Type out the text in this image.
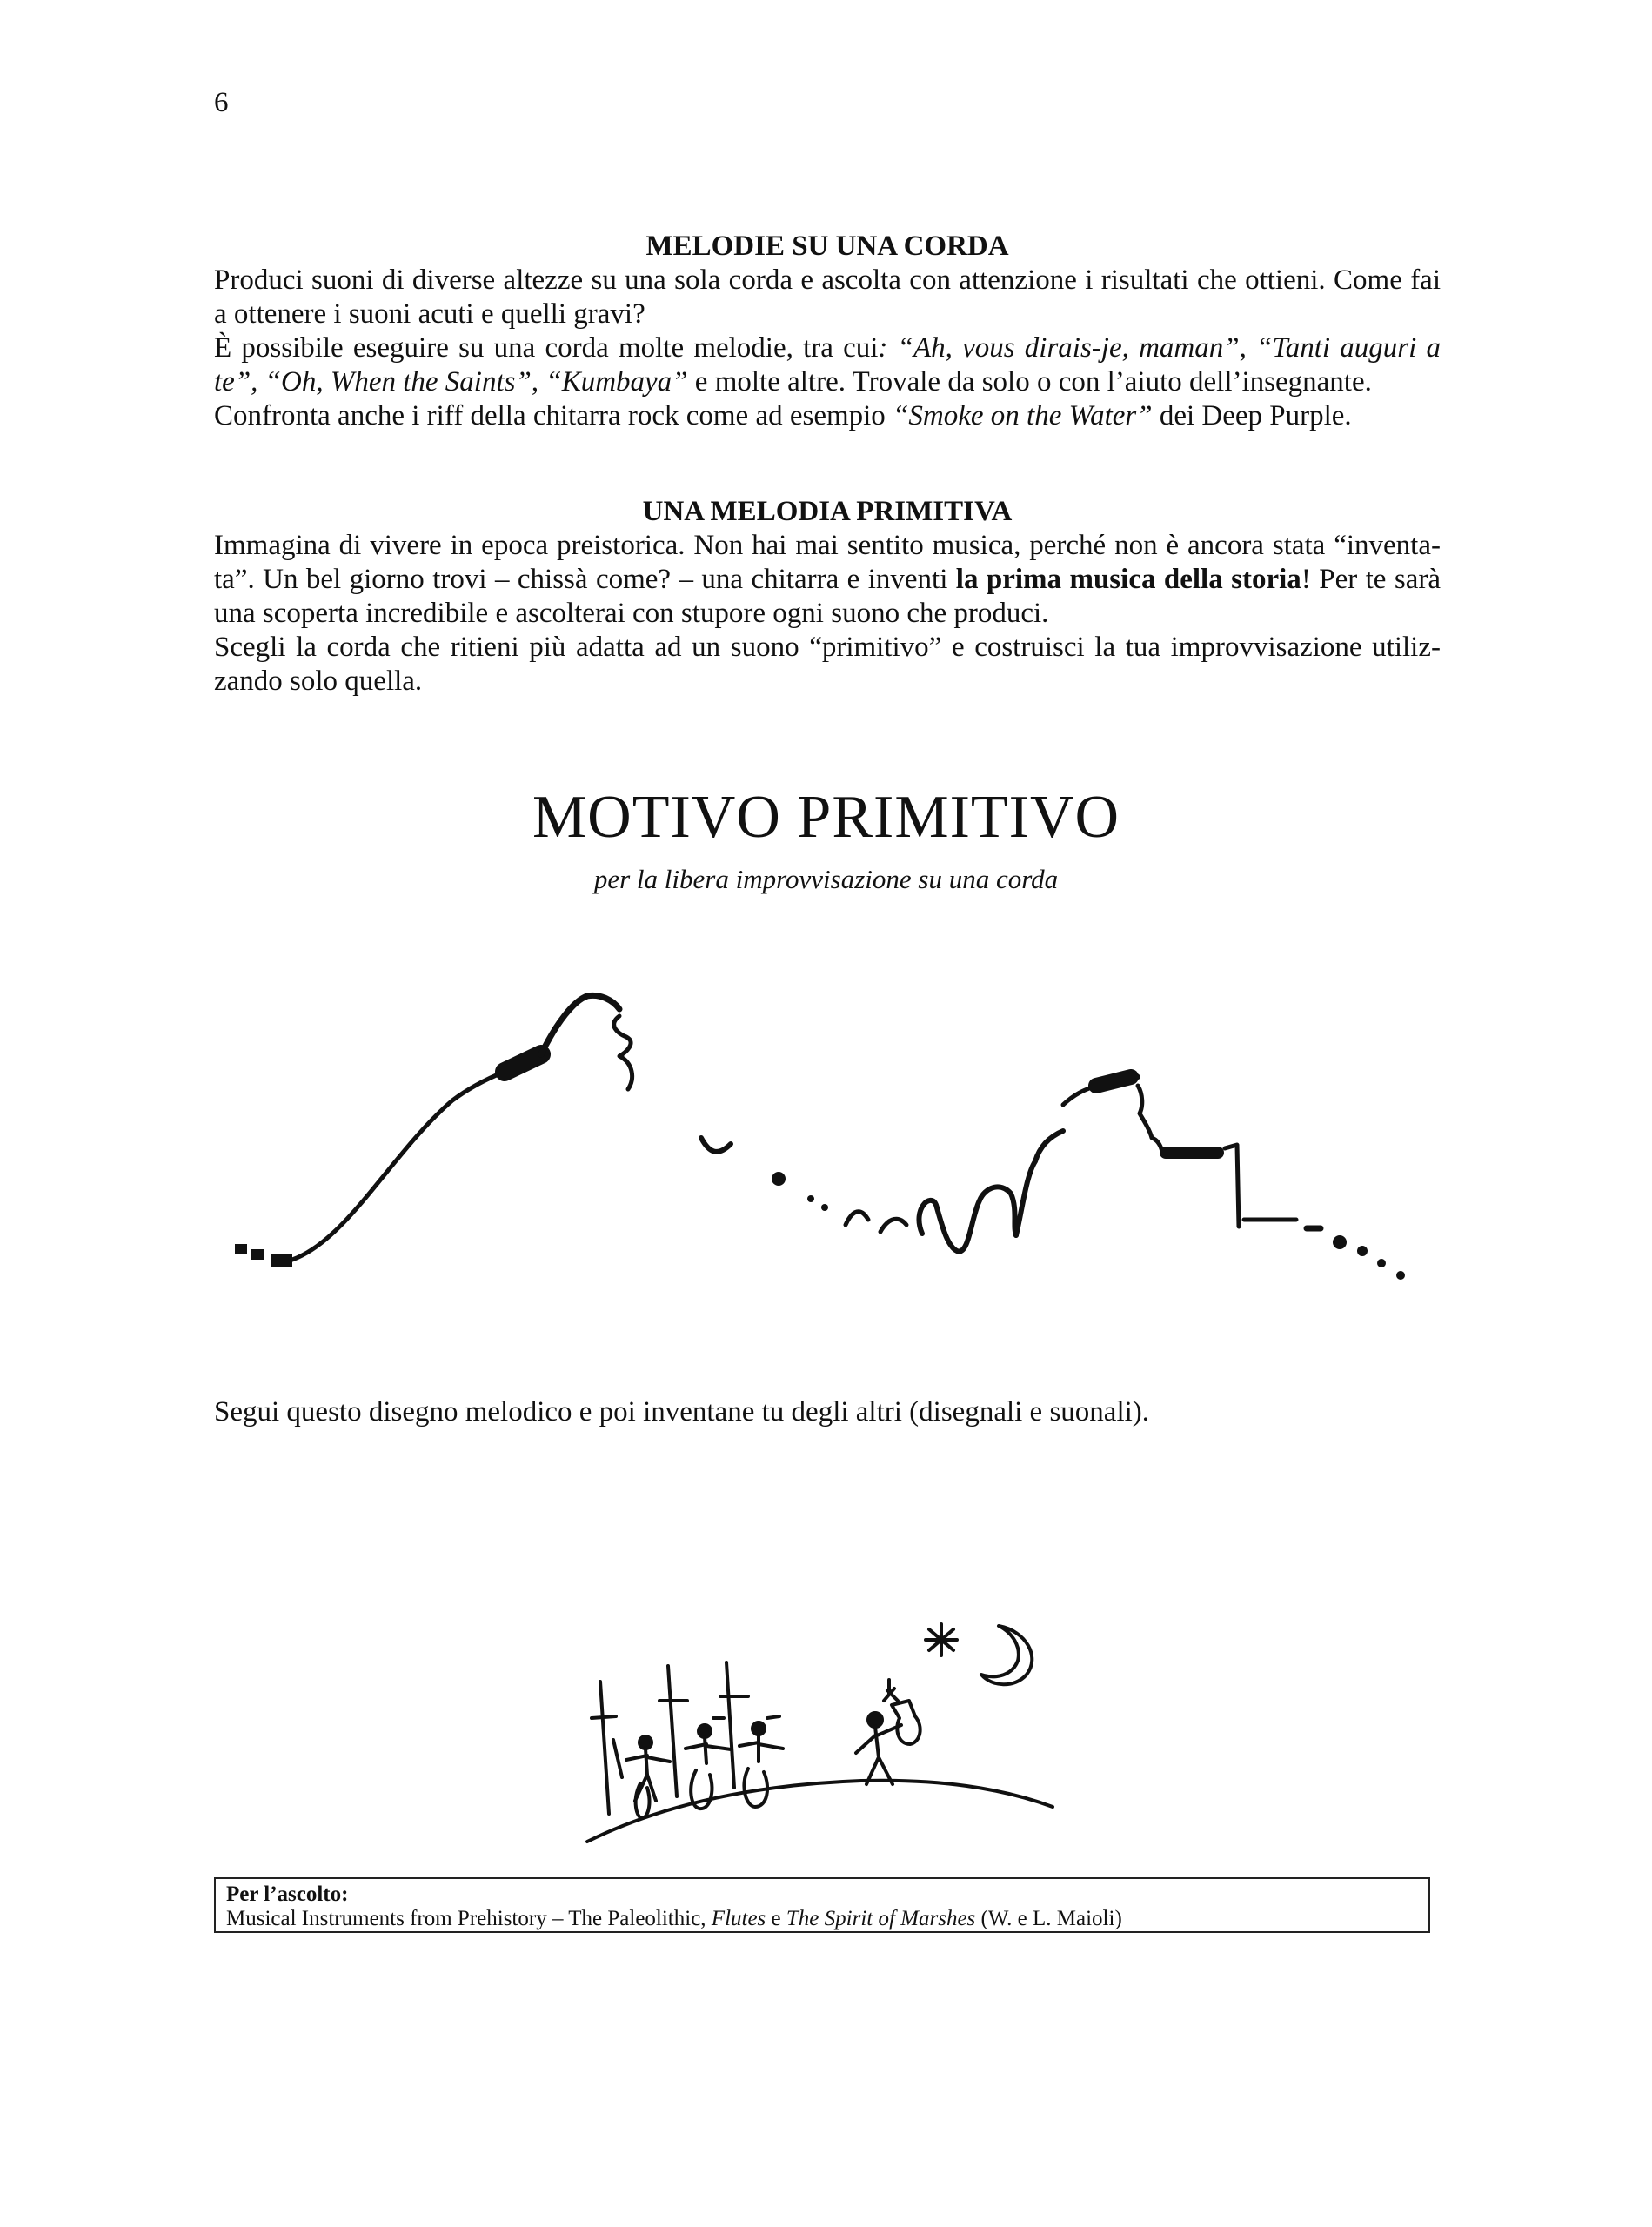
6

MELODIE SU UNA CORDA

Produci suoni di diverse altezze su una sola corda e ascolta con attenzione i risultati che ottieni. Come fai a ottenere i suoni acuti e quelli gravi?

È possibile eseguire su una corda molte melodie, tra cui: “Ah, vous dirais-je, maman”, “Tanti auguri a te”, “Oh, When the Saints”, “Kumbaya” e molte altre. Trovale da solo o con l’aiuto dell’insegnante.

Confronta anche i riff della chitarra rock come ad esempio “Smoke on the Water” dei Deep Purple.

UNA MELODIA PRIMITIVA

Immagina di vivere in epoca preistorica. Non hai mai sentito musica, perché non è ancora stata “inventa-ta”. Un bel giorno trovi – chissà come? – una chitarra e inventi la prima musica della storia! Per te sarà una scoperta incredibile e ascolterai con stupore ogni suono che produci.

Scegli la corda che ritieni più adatta ad un suono “primitivo” e costruisci la tua improvvisazione utiliz-zando solo quella.

MOTIVO PRIMITIVO
per la libera improvvisazione su una corda
Segui questo disegno melodico e poi inventane tu degli altri (disegnali e suonali).
Per l’ascolto:
Musical Instruments from Prehistory – The Paleolithic, Flutes e The Spirit of Marshes (W. e L. Maioli)
